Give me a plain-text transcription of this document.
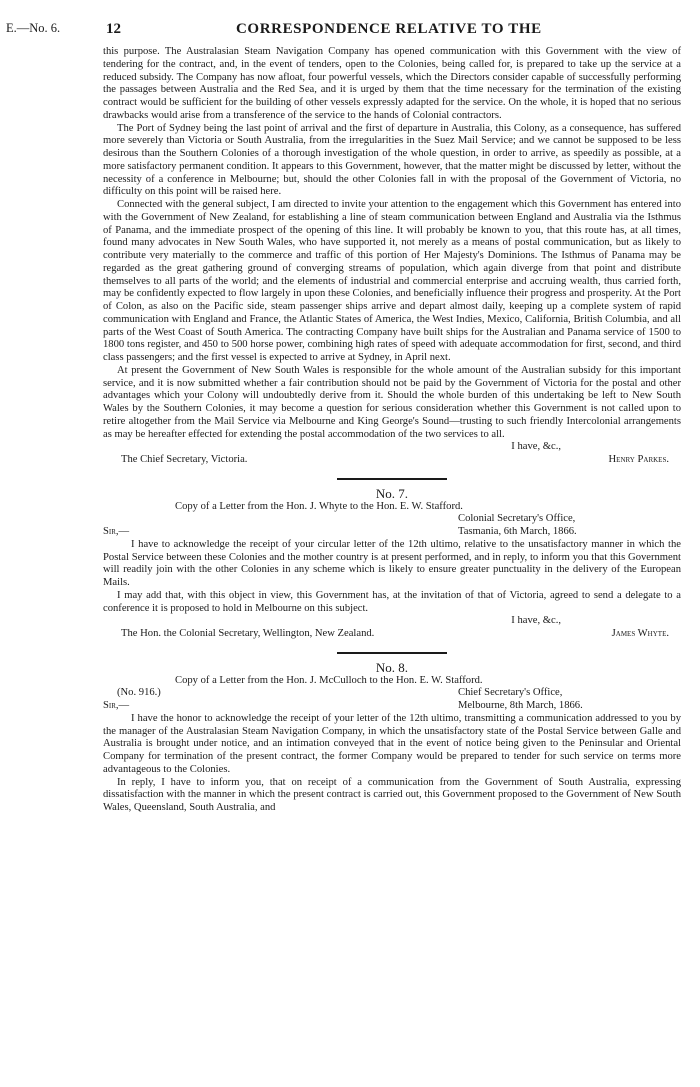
E.—No. 6.	12	CORRESPONDENCE RELATIVE TO THE

this purpose. The Australasian Steam Navigation Company has opened communication with this Government with the view of tendering for the contract, and, in the event of tenders, open to the Colonies, being called for, is prepared to take up the service at a reduced subsidy. The Company has now afloat, four powerful vessels, which the Directors consider capable of successfully performing the passages between Australia and the Red Sea, and it is urged by them that the time necessary for the termination of the existing contract would be sufficient for the building of other vessels expressly adapted for the service. On the whole, it is hoped that no serious drawbacks would arise from a transference of the service to the hands of Colonial contractors.

The Port of Sydney being the last point of arrival and the first of departure in Australia, this Colony, as a consequence, has suffered more severely than Victoria or South Australia, from the irregularities in the Suez Mail Service; and we cannot be supposed to be less desirous than the Southern Colonies of a thorough investigation of the whole question, in order to arrive, as speedily as possible, at a more satisfactory permanent condition. It appears to this Government, however, that the matter might be discussed by letter, without the necessity of a conference in Melbourne; but, should the other Colonies fall in with the proposal of the Government of Victoria, no difficulty on this point will be raised here.

Connected with the general subject, I am directed to invite your attention to the engagement which this Government has entered into with the Government of New Zealand, for establishing a line of steam communication between England and Australia via the Isthmus of Panama, and the immediate prospect of the opening of this line. It will probably be known to you, that this route has, at all times, found many advocates in New South Wales, who have supported it, not merely as a means of postal communication, but as likely to contribute very materially to the commerce and traffic of this portion of Her Majesty's Dominions. The Isthmus of Panama may be regarded as the great gathering ground of converging streams of population, which again diverge from that point and distribute themselves to all parts of the world; and the elements of industrial and commercial enterprise and accruing wealth, thus carried forth, may be confidently expected to flow largely in upon these Colonies, and beneficially influence their progress and prosperity. At the Port of Colon, as also on the Pacific side, steam passenger ships arrive and depart almost daily, keeping up a complete system of rapid communication with England and France, the Atlantic States of America, the West Indies, Mexico, California, British Columbia, and all parts of the West Coast of South America. The contracting Company have built ships for the Australian and Panama service of 1500 to 1800 tons register, and 450 to 500 horse power, combining high rates of speed with adequate accommodation for first, second, and third class passengers; and the first vessel is expected to arrive at Sydney, in April next.

At present the Government of New South Wales is responsible for the whole amount of the Australian subsidy for this important service, and it is now submitted whether a fair contribution should not be paid by the Government of Victoria for the postal and other advantages which your Colony will undoubtedly derive from it. Should the whole burden of this undertaking be left to New South Wales by the Southern Colonies, it may become a question for serious consideration whether this Government is not called upon to retire altogether from the Mail Service via Melbourne and King George's Sound—trusting to such friendly Intercolonial arrangements as may be hereafter effected for extending the postal accommodation of the two services to all.

I have, &c.,

The Chief Secretary, Victoria.	Henry Parkes.

No. 7.

Copy of a Letter from the Hon. J. Whyte to the Hon. E. W. Stafford.

Colonial Secretary's Office,
Sir,—	Tasmania, 6th March, 1866.

I have to acknowledge the receipt of your circular letter of the 12th ultimo, relative to the unsatisfactory manner in which the Postal Service between these Colonies and the mother country is at present performed, and in reply, to inform you that this Government will readily join with the other Colonies in any scheme which is likely to ensure greater punctuality in the delivery of the European Mails.

I may add that, with this object in view, this Government has, at the invitation of that of Victoria, agreed to send a delegate to a conference it is proposed to hold in Melbourne on this subject.

I have, &c.,

The Hon. the Colonial Secretary, Wellington, New Zealand.	James Whyte.

No. 8.

Copy of a Letter from the Hon. J. McCulloch to the Hon. E. W. Stafford.

(No. 916.)	Chief Secretary's Office,
Sir,—	Melbourne, 8th March, 1866.

I have the honor to acknowledge the receipt of your letter of the 12th ultimo, transmitting a communication addressed to you by the manager of the Australasian Steam Navigation Company, in which the unsatisfactory state of the Postal Service between Galle and Australia is brought under notice, and an intimation conveyed that in the event of notice being given to the Peninsular and Oriental Company for termination of the present contract, the former Company would be prepared to tender for such service on terms more advantageous to the Colonies.

In reply, I have to inform you, that on receipt of a communication from the Government of South Australia, expressing dissatisfaction with the manner in which the present contract is carried out, this Government proposed to the Government of New South Wales, Queensland, South Australia, and
